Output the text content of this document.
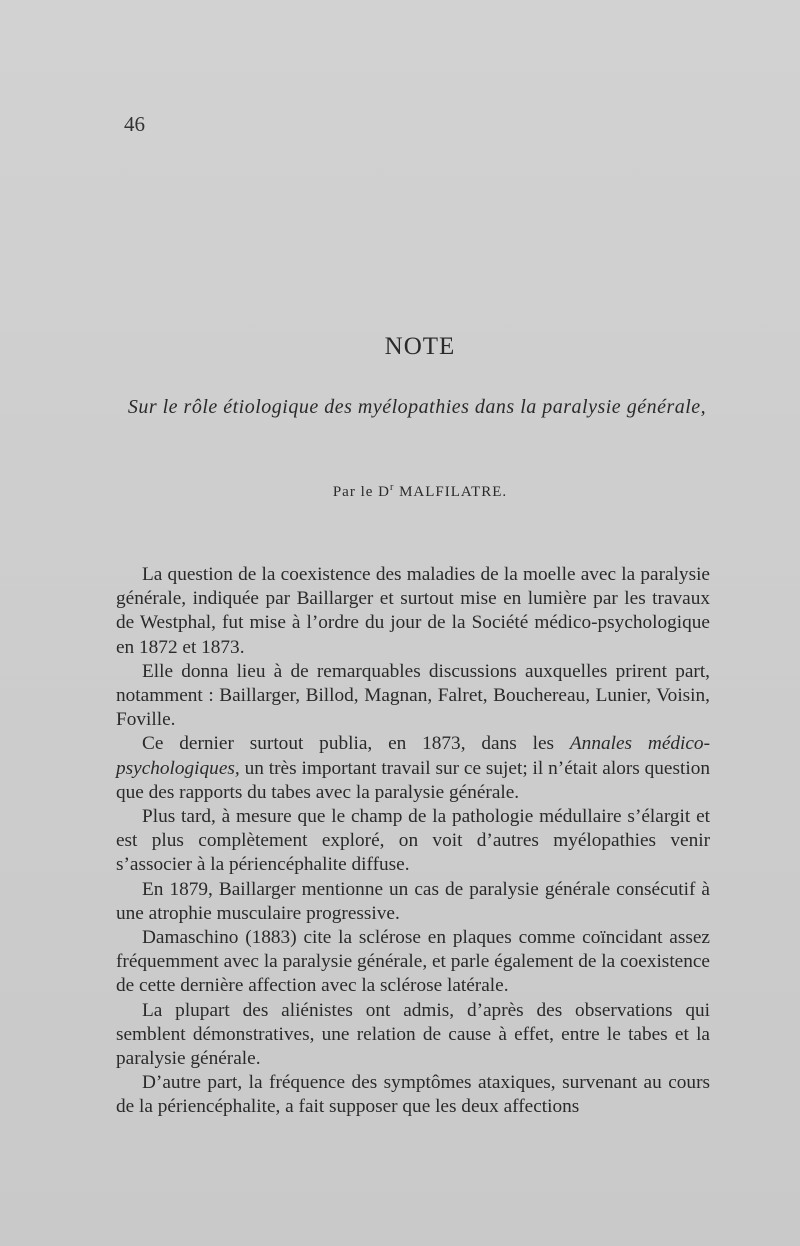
46
NOTE
Sur le rôle étiologique des myélopathies dans la paralysie générale,
Par le $D^r$ MALFILATRE.

La question de la coexistence des maladies de la moelle avec la paralysie générale, indiquée par Baillarger et surtout mise en lumière par les travaux de Westphal, fut mise à l’ordre du jour de la Société médico-psychologique en 1872 et 1873.

Elle donna lieu à de remarquables discussions auxquelles prirent part, notamment : Baillarger, Billod, Magnan, Falret, Bouchereau, Lunier, Voisin, Foville.

Ce dernier surtout publia, en 1873, dans les Annales médico-psychologiques, un très important travail sur ce sujet; il n’était alors question que des rapports du tabes avec la paralysie générale.

Plus tard, à mesure que le champ de la pathologie médullaire s’élargit et est plus complètement exploré, on voit d’autres myélopathies venir s’associer à la périencéphalite diffuse.

En 1879, Baillarger mentionne un cas de paralysie générale consécutif à une atrophie musculaire progressive.

Damaschino (1883) cite la sclérose en plaques comme coïncidant assez fréquemment avec la paralysie générale, et parle également de la coexistence de cette dernière affection avec la sclérose latérale.

La plupart des aliénistes ont admis, d’après des observations qui semblent démonstratives, une relation de cause à effet, entre le tabes et la paralysie générale.

D’autre part, la fréquence des symptômes ataxiques, survenant au cours de la périencéphalite, a fait supposer que les deux affections
